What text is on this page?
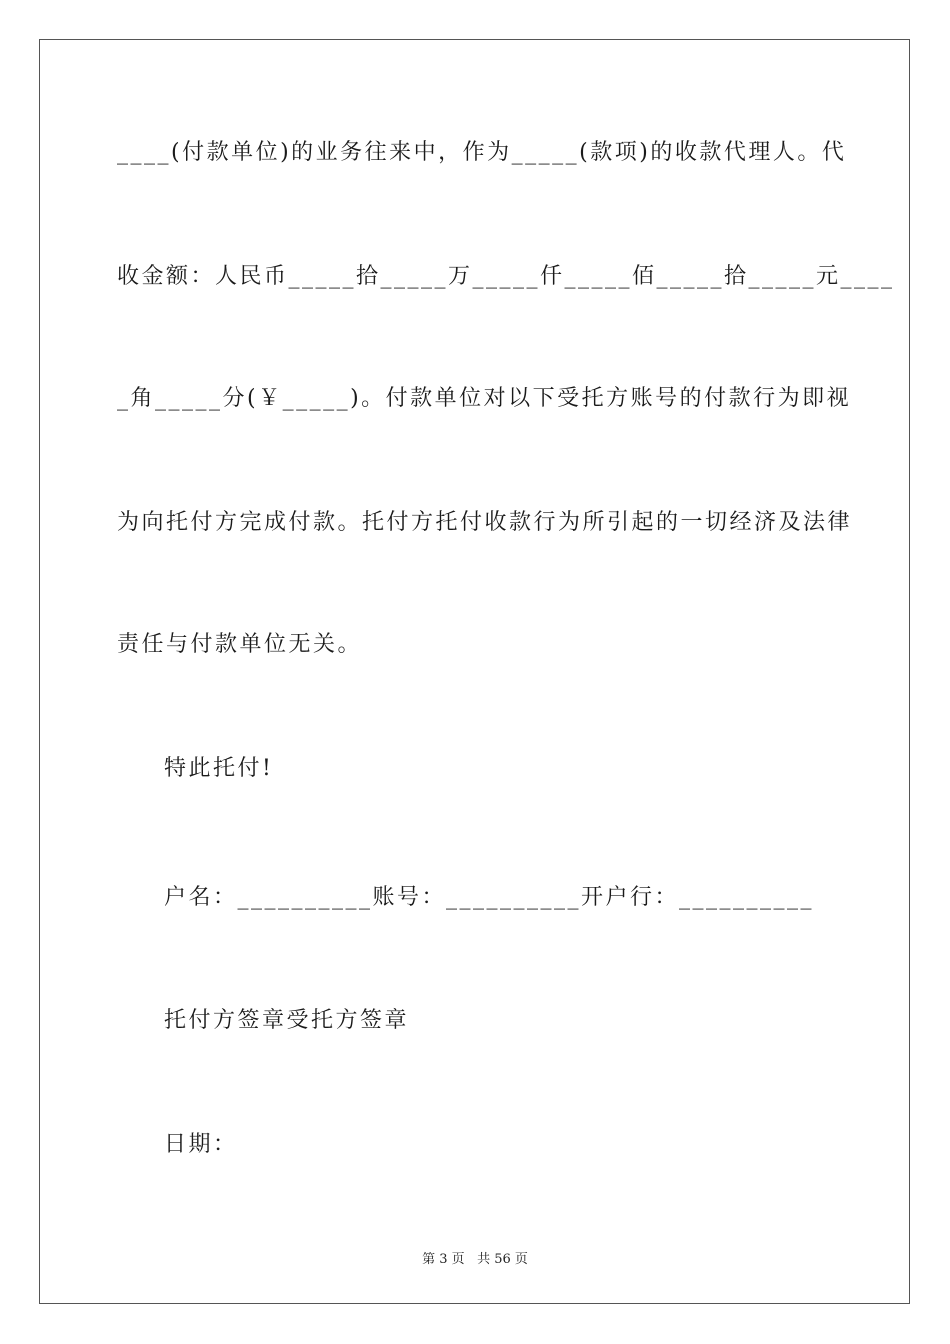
____(付款单位)的业务往来中，作为_____(款项)的收款代理人。代
收金额：人民币_____拾_____万_____仟_____佰_____拾_____元____
_角_____分(￥_____)。付款单位对以下受托方账号的付款行为即视
为向托付方完成付款。托付方托付收款行为所引起的一切经济及法律
责任与付款单位无关。
特此托付!
户名：__________账号：__________开户行：__________
托付方签章受托方签章
日期：
第 3 页 共 56 页
